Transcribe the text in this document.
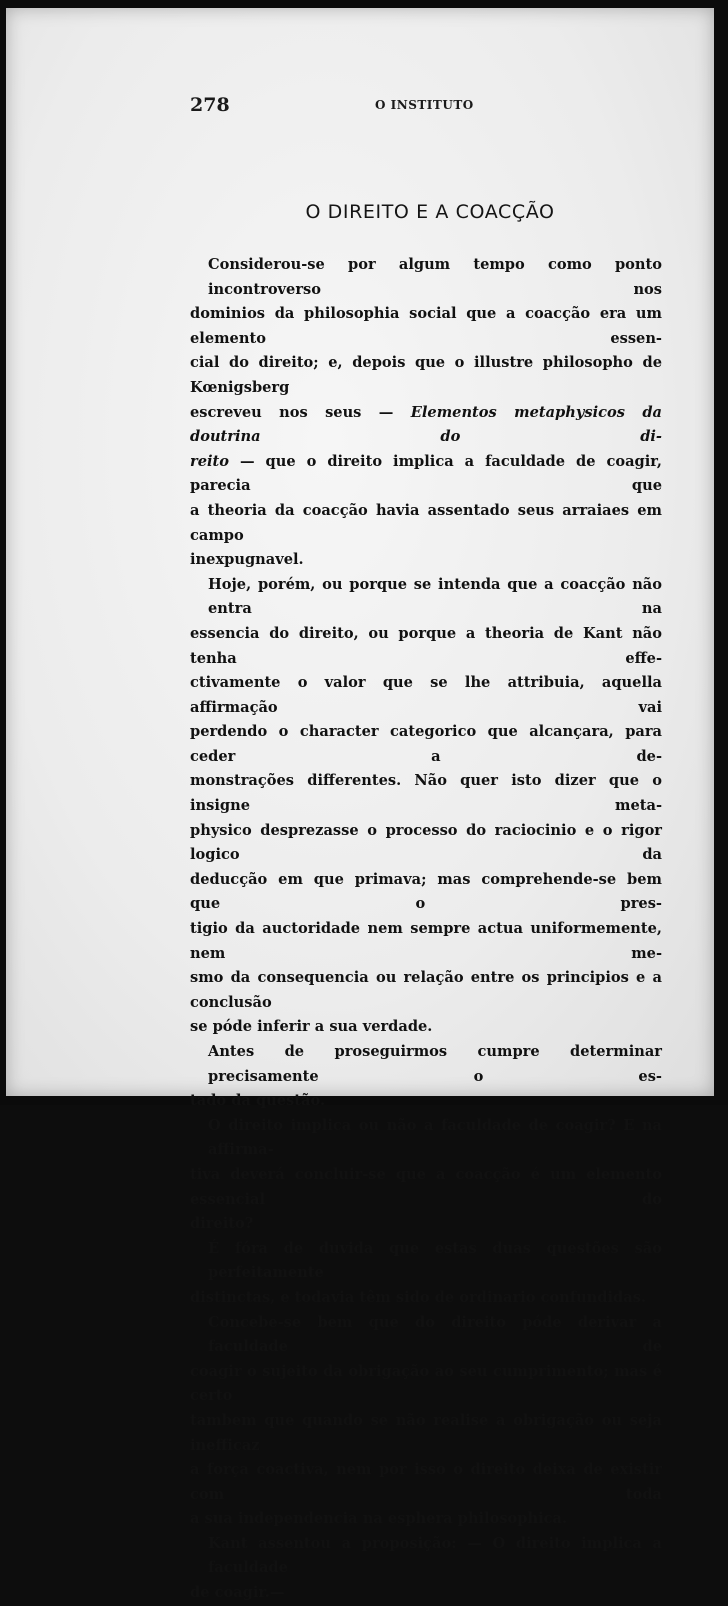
278	O INSTITUTO
O DIREITO E A COACÇÃO
Considerou-se por algum tempo como ponto incontroverso nos
dominios da philosophia social que a coacção era um elemento essen-
cial do direito; e, depois que o illustre philosopho de Kœnigsberg
escreveu nos seus — Elementos metaphysicos da doutrina do di-
reito — que o direito implica a faculdade de coagir, parecia que
a theoria da coacção havia assentado seus arraiaes em campo
inexpugnavel.
Hoje, porém, ou porque se intenda que a coacção não entra na
essencia do direito, ou porque a theoria de Kant não tenha effe-
ctivamente o valor que se lhe attribuia, aquella affirmação vai
perdendo o character categorico que alcançara, para ceder a de-
monstrações differentes. Não quer isto dizer que o insigne meta-
physico desprezasse o processo do raciocinio e o rigor logico da
deducção em que primava; mas comprehende-se bem que o pres-
tigio da auctoridade nem sempre actua uniformemente, nem me-
smo da consequencia ou relação entre os principios e a conclusão
se póde inferir a sua verdade.
Antes de proseguirmos cumpre determinar precisamente o es-
tado da questão.
O direito implica ou não a faculdade de coagir? E na affirma-
tiva deverá concluir-se que a coacção é um elemento essencial do
direito?
É fóra de duvida que estas duas questões são perfeitamente
distinctas, e todavia têm sido de ordinario confundidas.
Concebe-se bem que do direito póde derivar a faculdade de
coagir o sujeito da obrigação ao seu cumprimento; mas é certo
tambem que quando se não realise a obrigação ou seja inefficaz
a força coactiva, nem por isso o direito deixa de existir com toda
a sua independencia na esphera philosophica.
Kant assentou a proposição: — O direito implica a faculdade
de coagir.—
